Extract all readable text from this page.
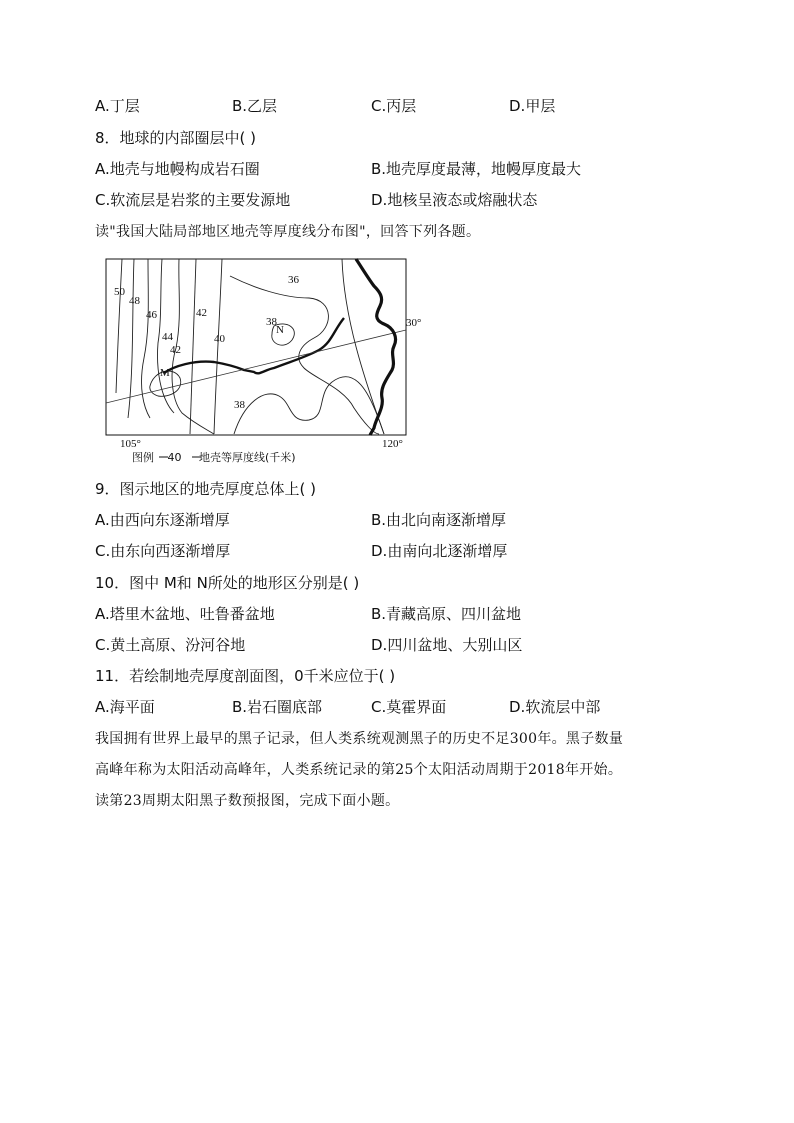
A.丁层	B.乙层	C.丙层	D.甲层
8．地球的内部圈层中( )
A.地壳与地幔构成岩石圈	B.地壳厚度最薄，地幔厚度最大
C.软流层是岩浆的主要发源地	D.地核呈液态或熔融状态
读"我国大陆局部地区地壳等厚度线分布图"，回答下列各题。
50
48
46
44
42
42
40
36
38
38
M
N
30°
105°	120°
图例 40 地壳等厚度线(千米)
9．图示地区的地壳厚度总体上( )
A.由西向东逐渐增厚	B.由北向南逐渐增厚
C.由东向西逐渐增厚	D.由南向北逐渐增厚
10．图中 M和 N所处的地形区分别是( )
A.塔里木盆地、吐鲁番盆地	B.青藏高原、四川盆地
C.黄土高原、汾河谷地	D.四川盆地、大别山区
11．若绘制地壳厚度剖面图，0千米应位于( )
A.海平面	B.岩石圈底部	C.莫霍界面	D.软流层中部
我国拥有世界上最早的黑子记录，但人类系统观测黑子的历史不足300年。黑子数量
高峰年称为太阳活动高峰年，人类系统记录的第25个太阳活动周期于2018年开始。
读第23周期太阳黑子数预报图，完成下面小题。
